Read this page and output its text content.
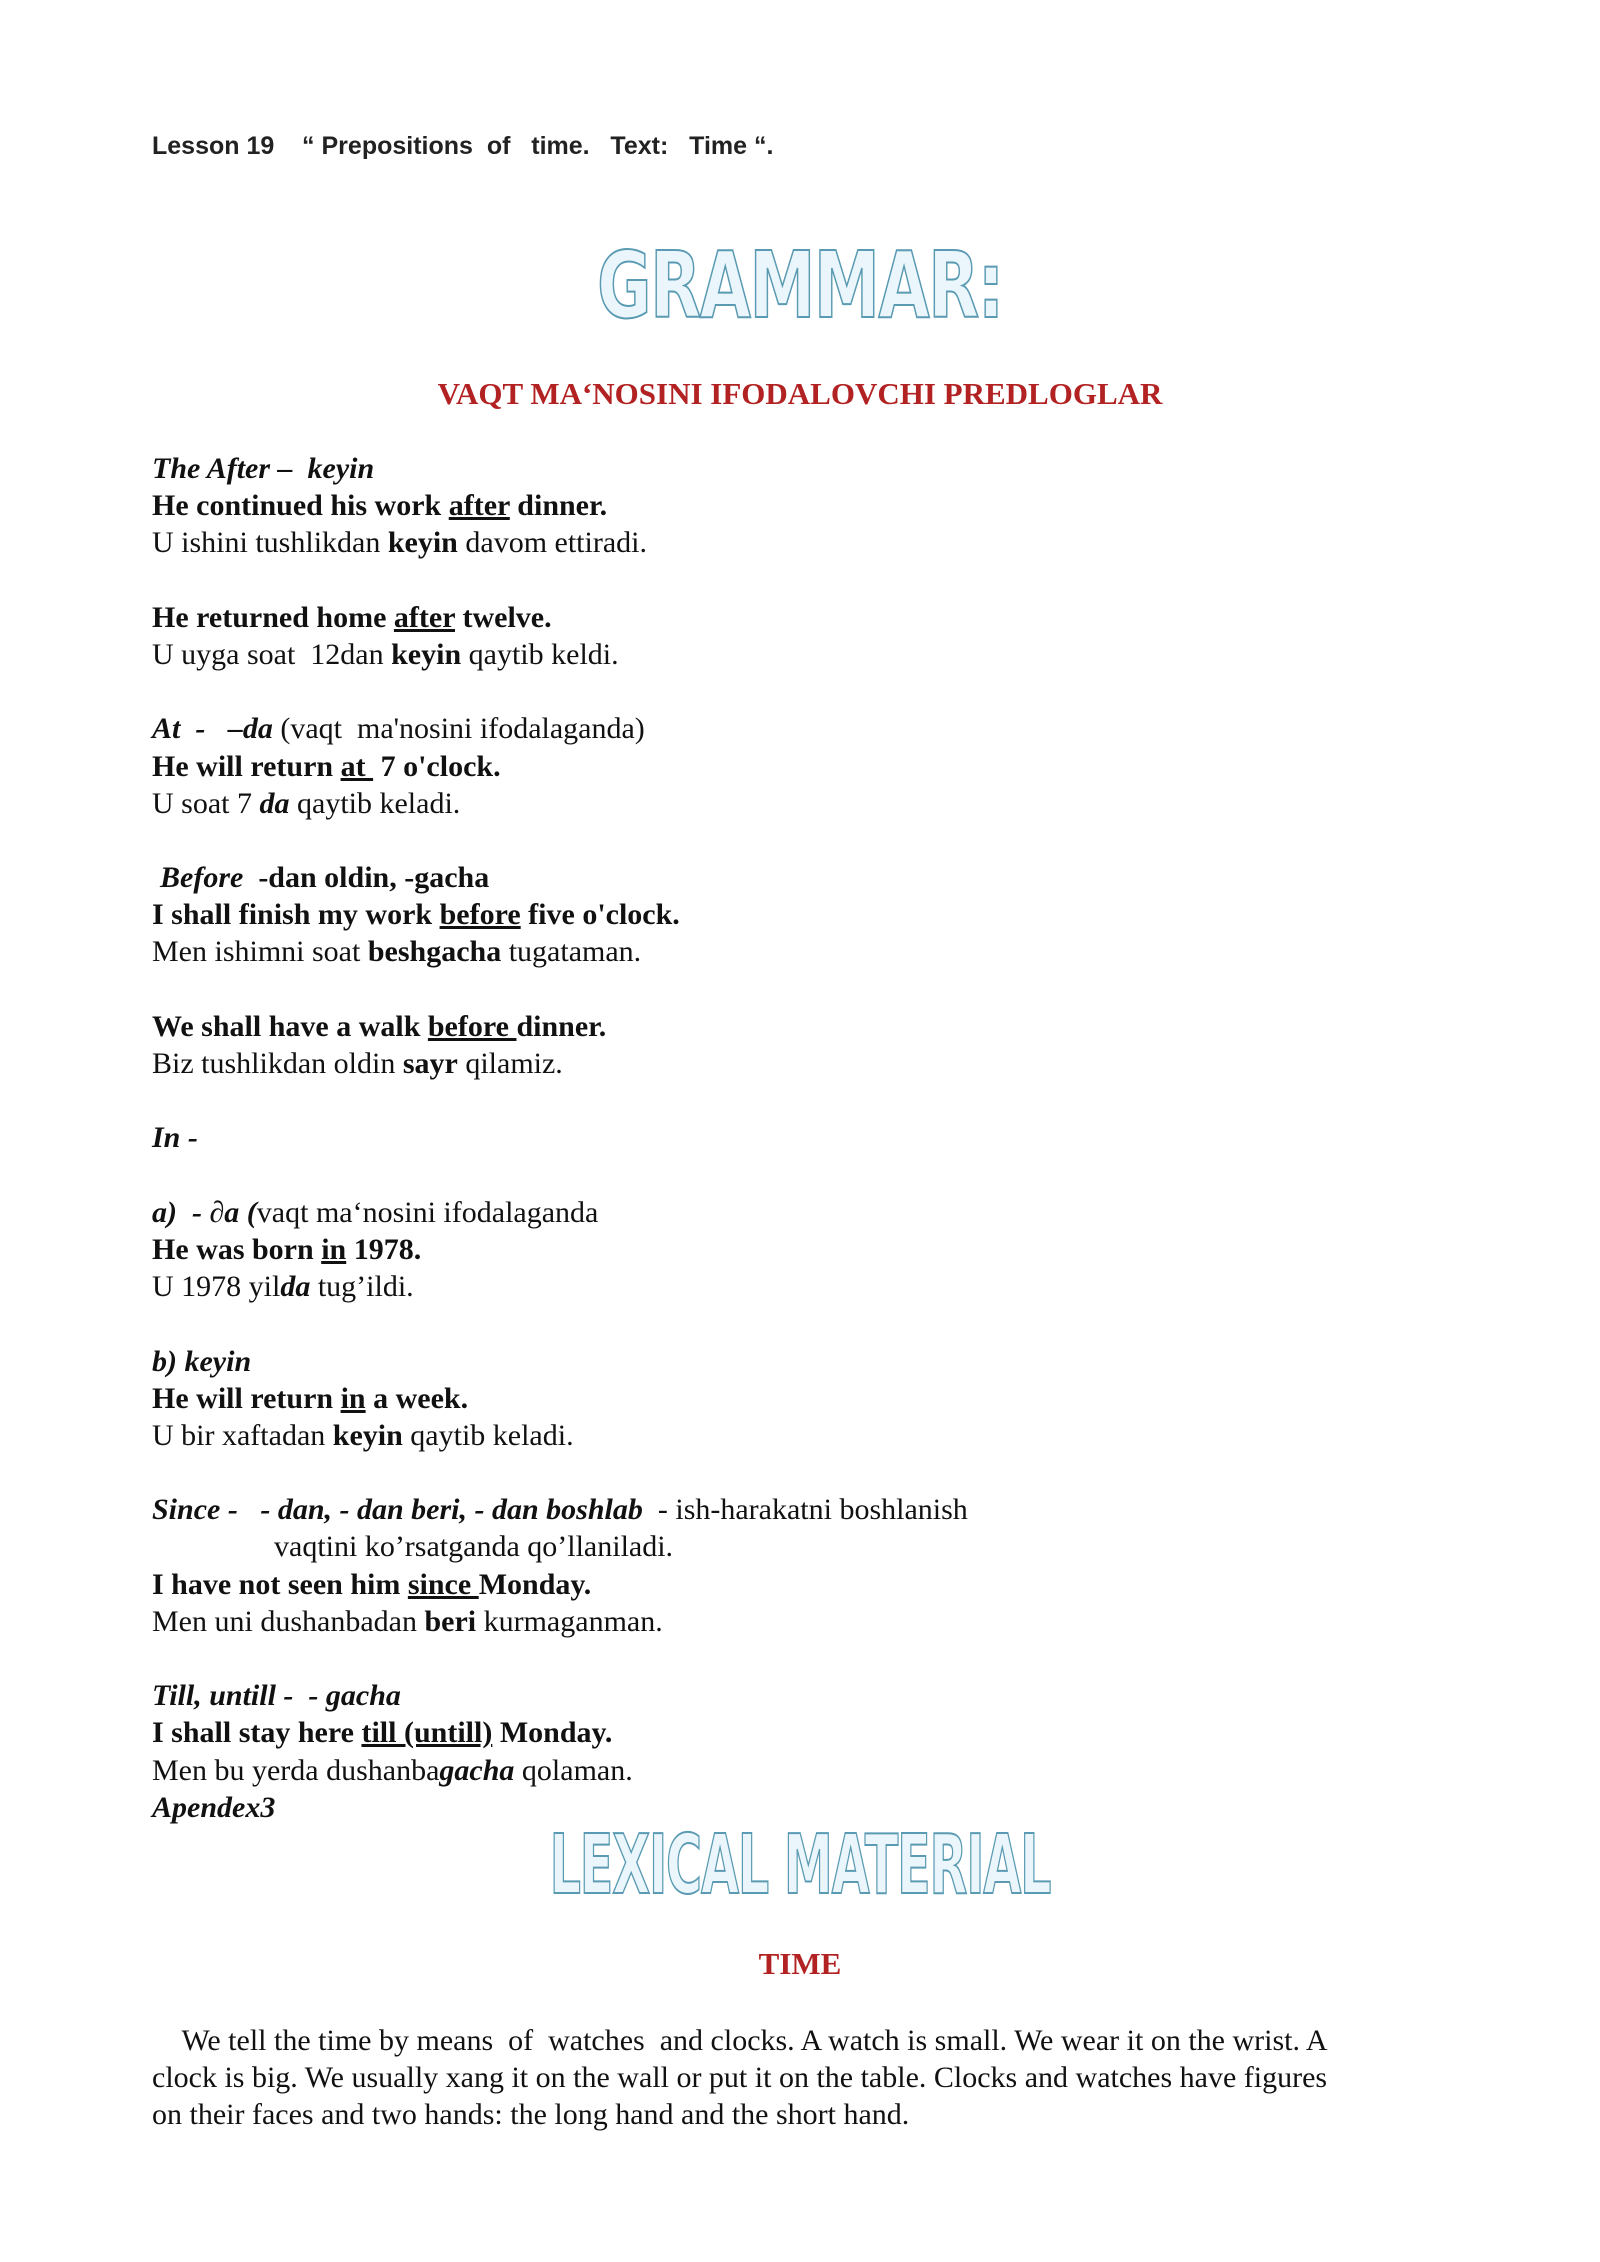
Lesson 19    “ Prepositions  of   time.   Text:   Time “.
GRAMMAR:
VAQT MAʻNOSINI IFODALOVCHI PREDLOGLAR
The After –  keyin
He continued his work after dinner.
U ishini tushlikdan keyin davom ettiradi.
He returned home after twelve.
U uyga soat  12dan keyin qaytib keldi.
At  -   –da (vaqt  ma'nosini ifodalaganda)
He will return at  7 o'clock.
U soat 7 da qaytib keladi.
Before  -dan oldin, -gacha
I shall finish my work before five o'clock.
Men ishimni soat beshgacha tugataman.
We shall have a walk before dinner.
Biz tushlikdan oldin sayr qilamiz.
In -
a)  - ∂a (vaqt maʻnosini ifodalaganda
He was born in 1978.
U 1978 yilda tug’ildi.
b) keyin
He will return in a week.
U bir xaftadan keyin qaytib keladi.
Since -   - dan, - dan beri, - dan boshlab  - ish-harakatni boshlanish
vaqtini ko’rsatganda qo’llaniladi.
I have not seen him since Monday.
Men uni dushanbadan beri kurmaganman.
Till, untill -  - gacha
I shall stay here till (untill) Monday.
Men bu yerda dushanbagacha qolaman.
Apendex3
LEXICAL MATERIAL
TIME
We tell the time by means  of  watches  and clocks. A watch is small. We wear it on the wrist. A
clock is big. We usually xang it on the wall or put it on the table. Clocks and watches have figures
on their faces and two hands: the long hand and the short hand.
